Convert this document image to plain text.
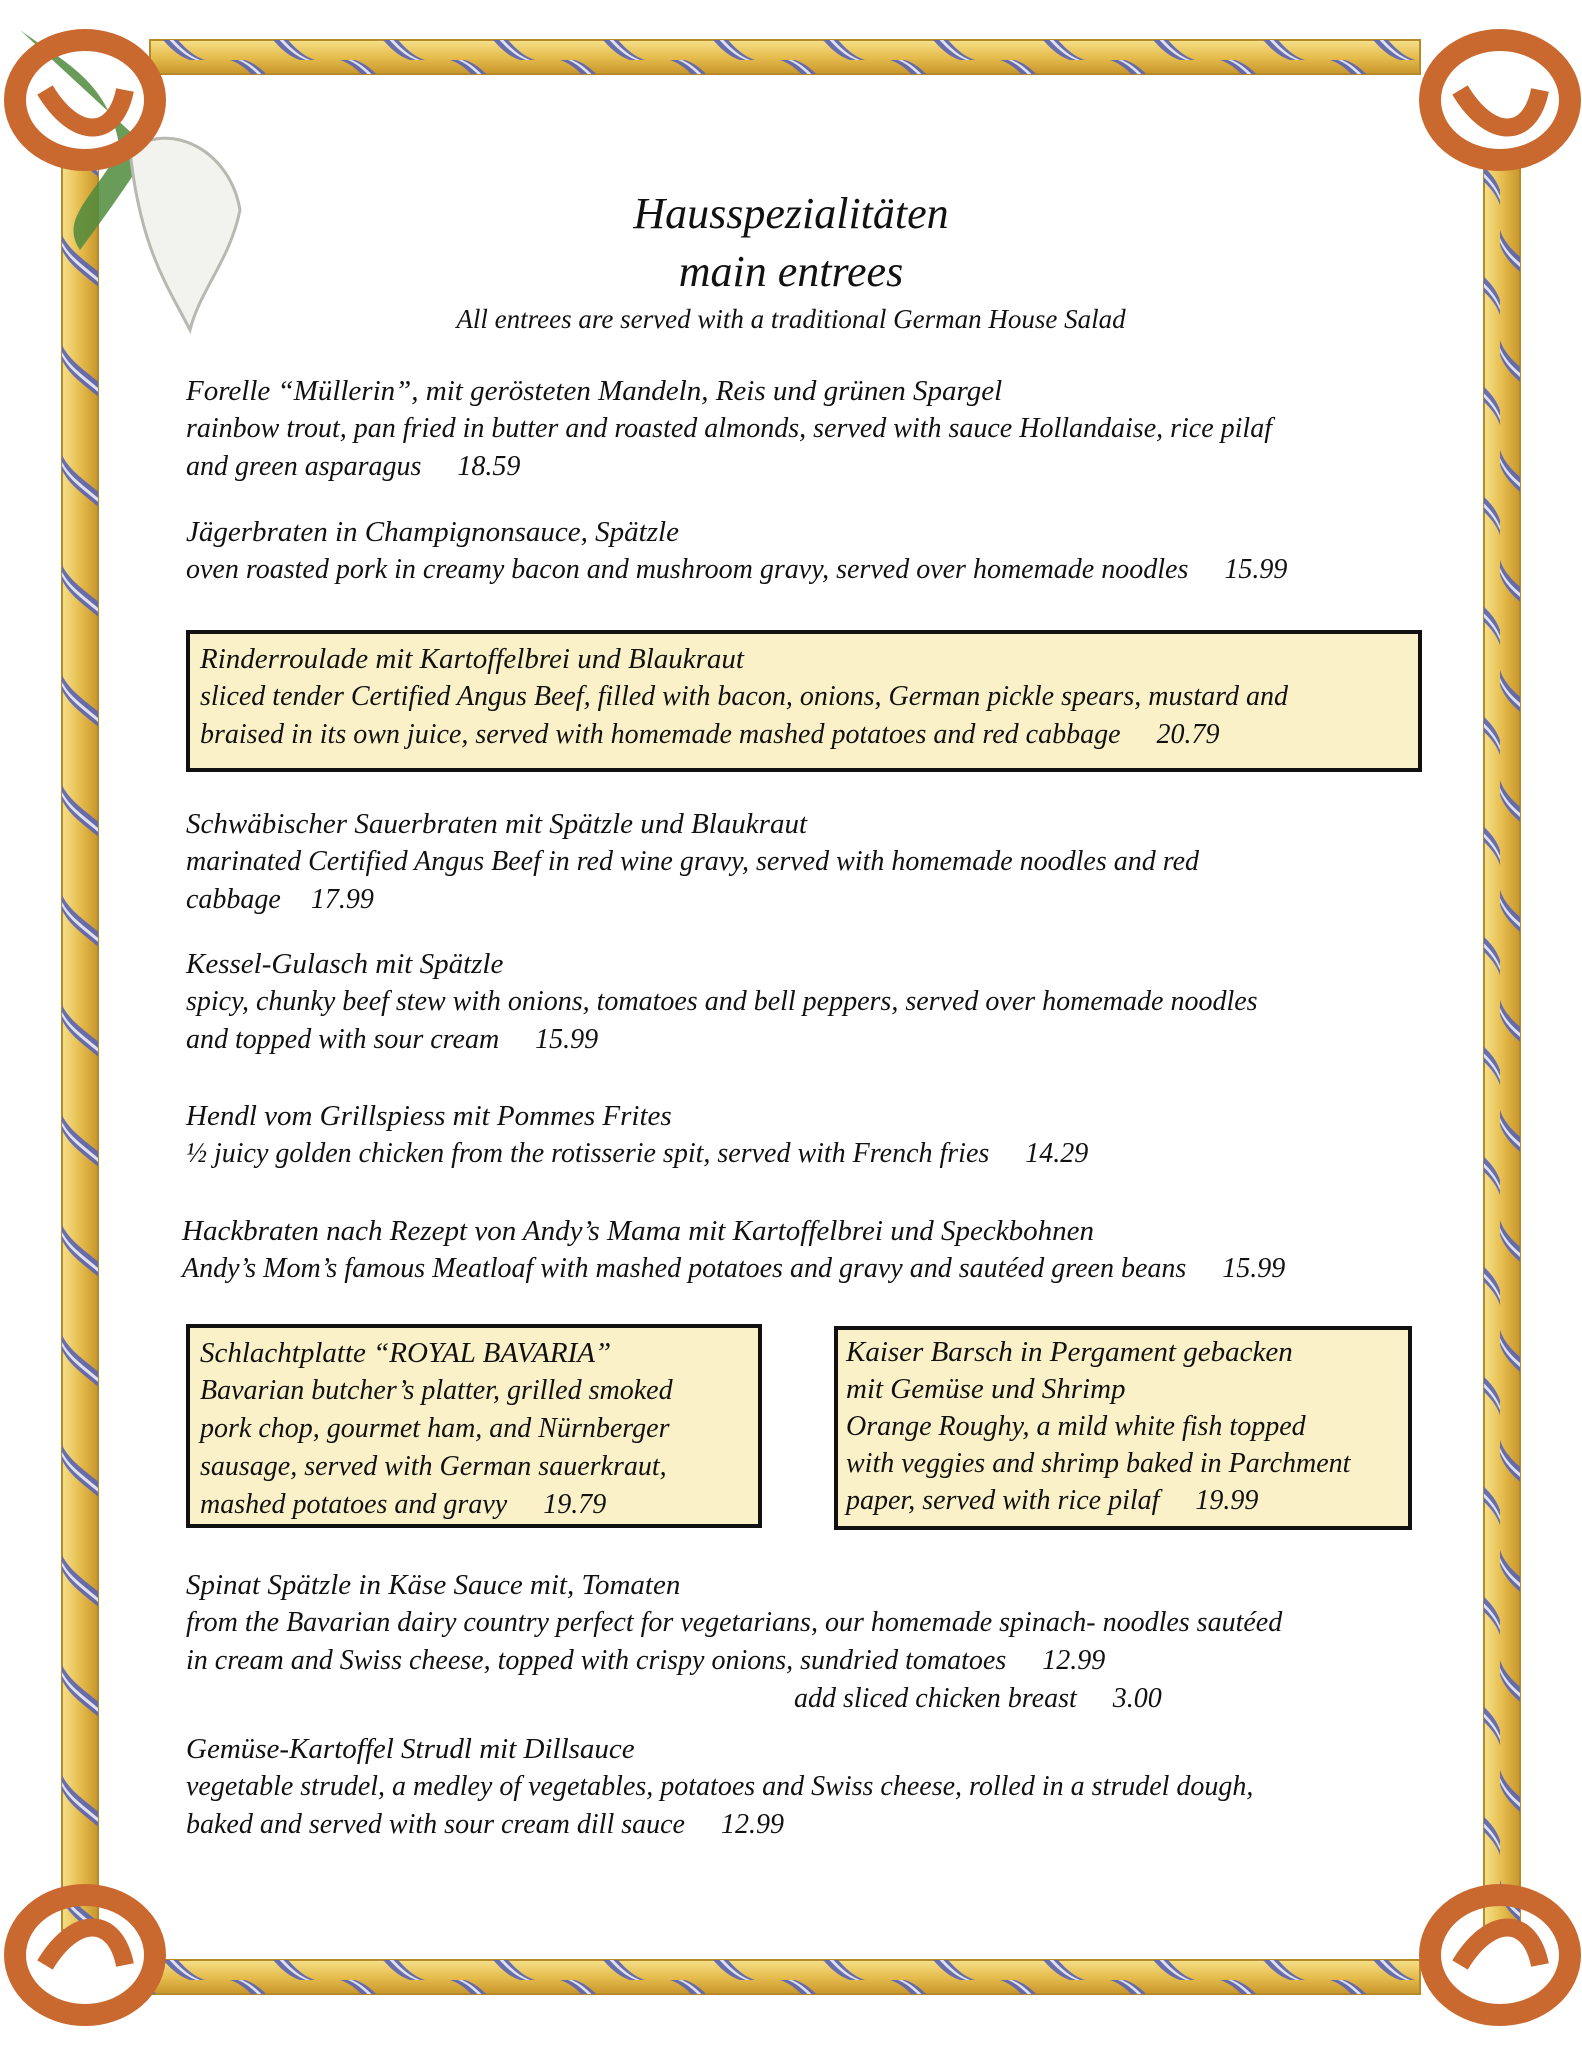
Hausspezialitäten
main entrees
All entrees are served with a traditional German House Salad
Forelle “Müllerin”, mit gerösteten Mandeln, Reis und grünen Spargel
rainbow trout, pan fried in butter and roasted almonds, served with sauce Hollandaise, rice pilaf
and green asparagus 18.59
Jägerbraten in Champignonsauce, Spätzle
oven roasted pork in creamy bacon and mushroom gravy, served over homemade noodles 15.99
Rinderroulade mit Kartoffelbrei und Blaukraut
sliced tender Certified Angus Beef, filled with bacon, onions, German pickle spears, mustard and
braised in its own juice, served with homemade mashed potatoes and red cabbage 20.79
Schwäbischer Sauerbraten mit Spätzle und Blaukraut
marinated Certified Angus Beef in red wine gravy, served with homemade noodles and red
cabbage 17.99
Kessel-Gulasch mit Spätzle
spicy, chunky beef stew with onions, tomatoes and bell peppers, served over homemade noodles
and topped with sour cream 15.99
Hendl vom Grillspiess mit Pommes Frites
½ juicy golden chicken from the rotisserie spit, served with French fries 14.29
Hackbraten nach Rezept von Andy’s Mama mit Kartoffelbrei und Speckbohnen
Andy’s Mom’s famous Meatloaf with mashed potatoes and gravy and sautéed green beans 15.99
Schlachtplatte “ROYAL BAVARIA”
Bavarian butcher’s platter, grilled smoked
pork chop, gourmet ham, and Nürnberger
sausage, served with German sauerkraut,
mashed potatoes and gravy 19.79
Kaiser Barsch in Pergament gebacken
mit Gemüse und Shrimp
Orange Roughy, a mild white fish topped
with veggies and shrimp baked in Parchment
paper, served with rice pilaf 19.99
Spinat Spätzle in Käse Sauce mit, Tomaten
from the Bavarian dairy country perfect for vegetarians, our homemade spinach- noodles sautéed
in cream and Swiss cheese, topped with crispy onions, sundried tomatoes 12.99
add sliced chicken breast 3.00
Gemüse-Kartoffel Strudl mit Dillsauce
vegetable strudel, a medley of vegetables, potatoes and Swiss cheese, rolled in a strudel dough,
baked and served with sour cream dill sauce 12.99
